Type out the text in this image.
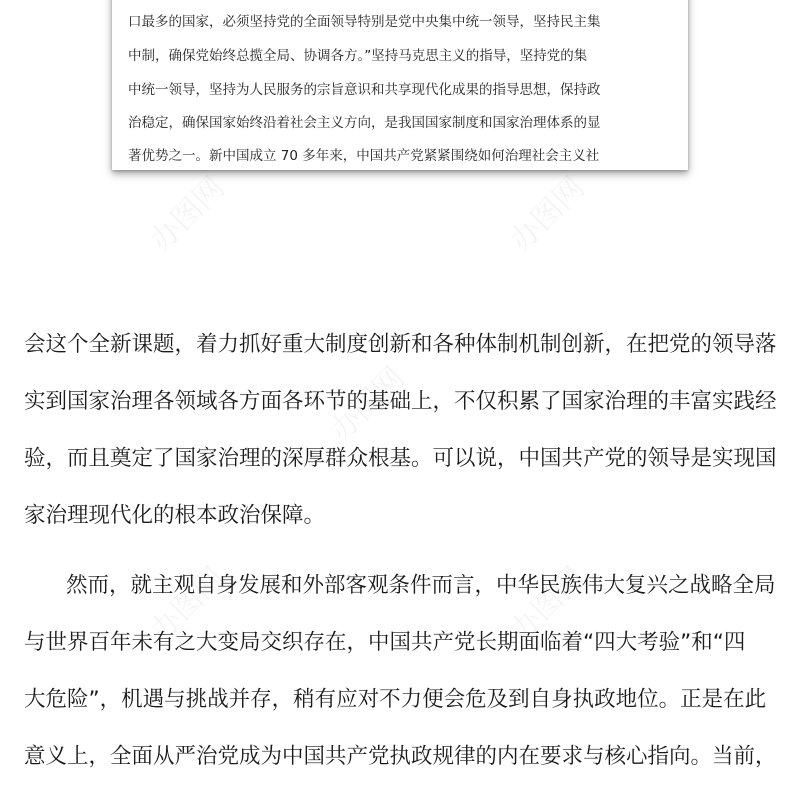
口最多的国家，必须坚持党的全面领导特别是党中央集中统一领导，坚持民主集
中制，确保党始终总揽全局、协调各方。”坚持马克思主义的指导，坚持党的集
中统一领导，坚持为人民服务的宗旨意识和共享现代化成果的指导思想，保持政
治稳定，确保国家始终沿着社会主义方向，是我国国家制度和国家治理体系的显
著优势之一。新中国成立 70 多年来，中国共产党紧紧围绕如何治理社会主义社
会这个全新课题，着力抓好重大制度创新和各种体制机制创新，在把党的领导落
实到国家治理各领域各方面各环节的基础上，不仅积累了国家治理的丰富实践经
验，而且奠定了国家治理的深厚群众根基。可以说，中国共产党的领导是实现国
家治理现代化的根本政治保障。
然而，就主观自身发展和外部客观条件而言，中华民族伟大复兴之战略全局
与世界百年未有之大变局交织存在，中国共产党长期面临着“四大考验”和“四
大危险”，机遇与挑战并存，稍有应对不力便会危及到自身执政地位。正是在此
意义上，全面从严治党成为中国共产党执政规律的内在要求与核心指向。当前，
